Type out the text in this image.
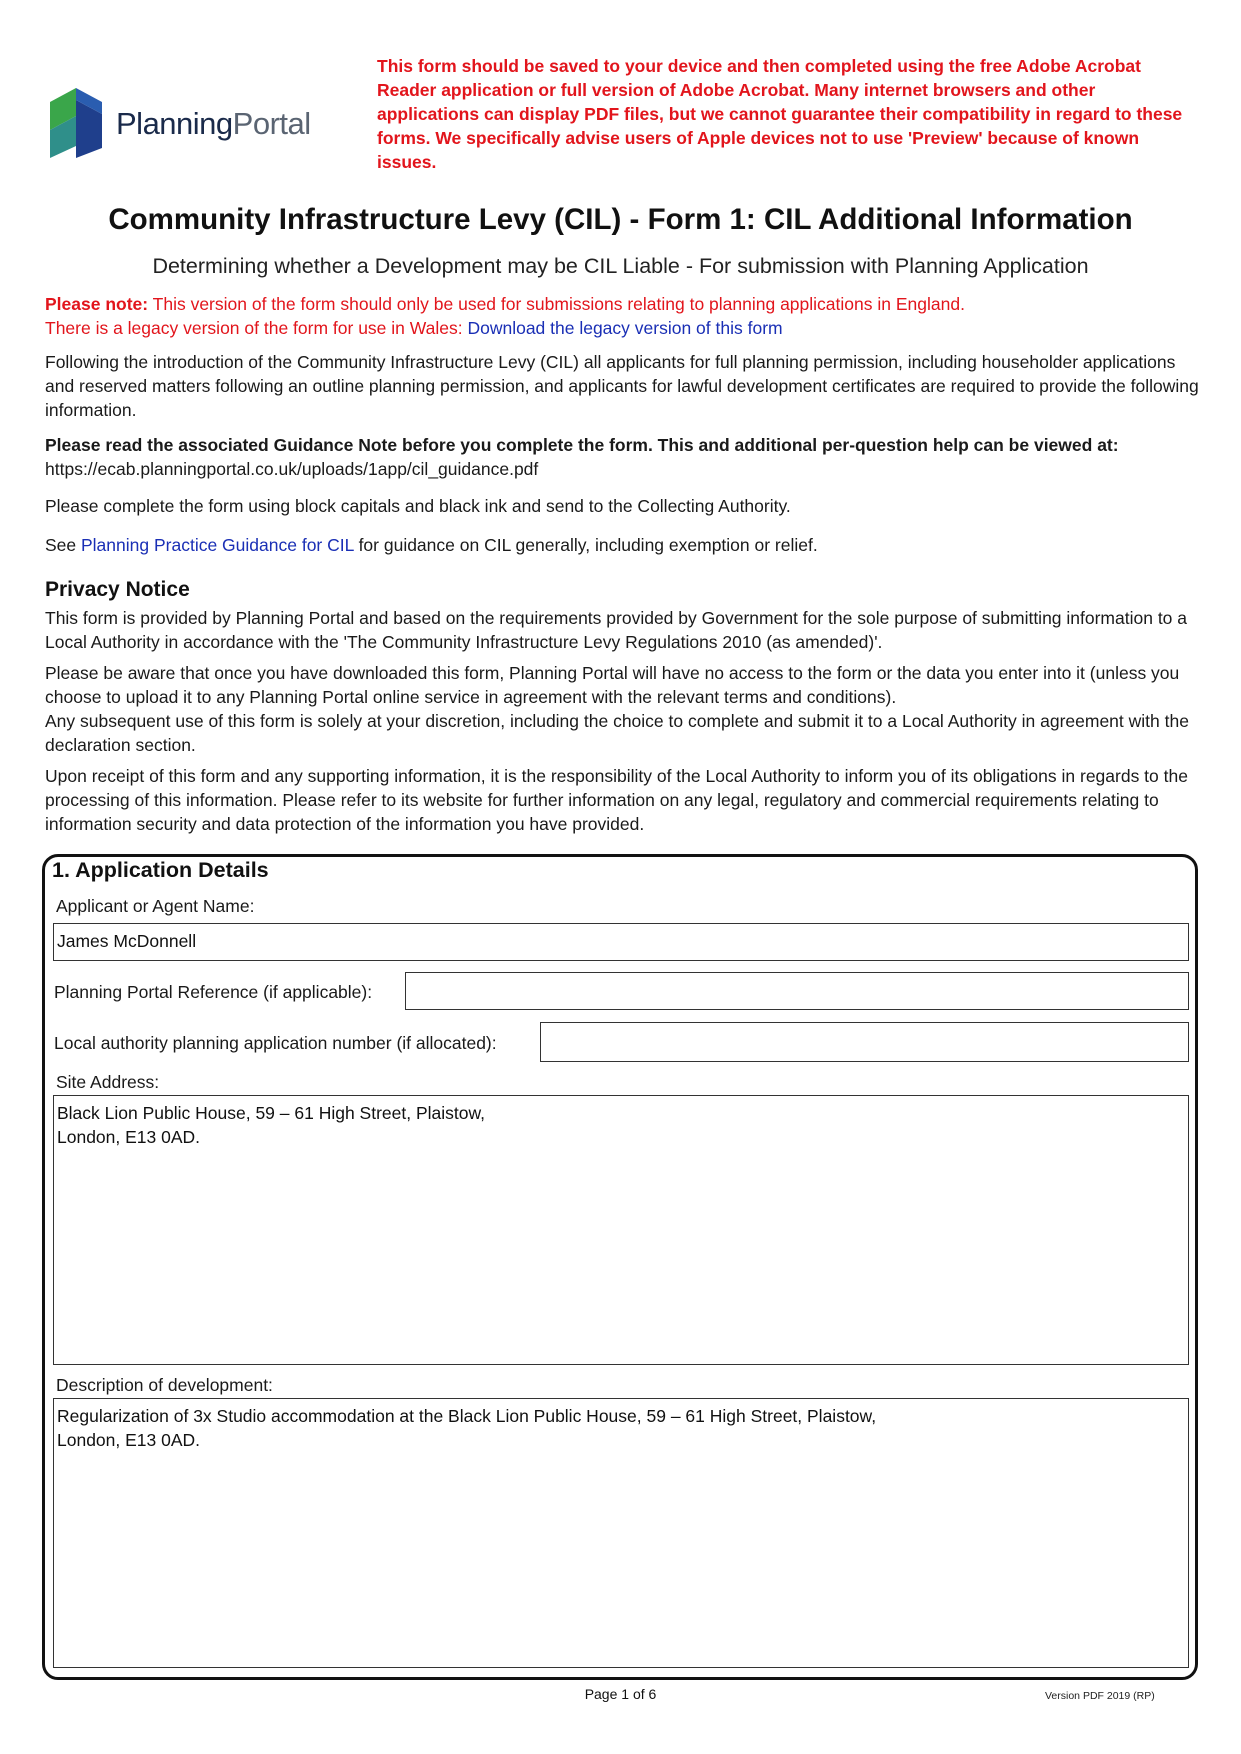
PlanningPortal
This form should be saved to your device and then completed using the free Adobe Acrobat Reader application or full version of Adobe Acrobat. Many internet browsers and other applications can display PDF files, but we cannot guarantee their compatibility in regard to these forms. We specifically advise users of Apple devices not to use 'Preview' because of known issues.
Community Infrastructure Levy (CIL) - Form 1: CIL Additional Information
Determining whether a Development may be CIL Liable - For submission with Planning Application
Please note: This version of the form should only be used for submissions relating to planning applications in England.
There is a legacy version of the form for use in Wales: Download the legacy version of this form
Following the introduction of the Community Infrastructure Levy (CIL) all applicants for full planning permission, including householder applications and reserved matters following an outline planning permission, and applicants for lawful development certificates are required to provide the following information.
Please read the associated Guidance Note before you complete the form. This and additional per-question help can be viewed at:
https://ecab.planningportal.co.uk/uploads/1app/cil_guidance.pdf
Please complete the form using block capitals and black ink and send to the Collecting Authority.
See Planning Practice Guidance for CIL for guidance on CIL generally, including exemption or relief.
Privacy Notice
This form is provided by Planning Portal and based on the requirements provided by Government for the sole purpose of submitting information to a Local Authority in accordance with the 'The Community Infrastructure Levy Regulations 2010 (as amended)'.
Please be aware that once you have downloaded this form, Planning Portal will have no access to the form or the data you enter into it (unless you choose to upload it to any Planning Portal online service in agreement with the relevant terms and conditions).
Any subsequent use of this form is solely at your discretion, including the choice to complete and submit it to a Local Authority in agreement with the declaration section.
Upon receipt of this form and any supporting information, it is the responsibility of the Local Authority to inform you of its obligations in regards to the processing of this information. Please refer to its website for further information on any legal, regulatory and commercial requirements relating to information security and data protection of the information you have provided.
1. Application Details
Applicant or Agent Name:
James McDonnell
Planning Portal Reference (if applicable):
Local authority planning application number (if allocated):
Site Address:
Black Lion Public House, 59 – 61 High Street, Plaistow,
London, E13 0AD.
Description of development:
Regularization of 3x Studio accommodation at the Black Lion Public House, 59 – 61 High Street, Plaistow,
London, E13 0AD.
Page 1 of 6	Version PDF 2019 (RP)
